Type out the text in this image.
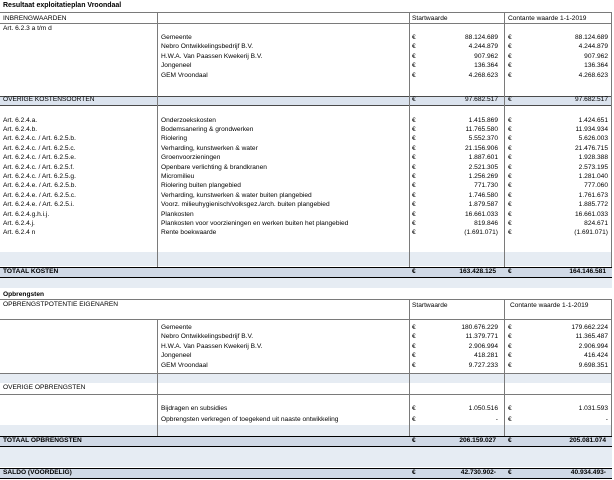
Resultaat exploitatieplan Vroondaal
INBRENGWAARDEN	Startwaarde	Contante waarde 1-1-2019
Art. 6.2.3 a t/m d
Gemeente	€	88.124.689 €	88.124.689
Nebro Ontwikkelingsbedrijf B.V.	€	4.244.879 €	4.244.879
H.W.A. Van Paassen Kwekerij B.V.	€	907.962 €	907.962
Jongeneel	€	136.364 €	136.364
GEM Vroondaal	€	4.268.623 €	4.268.623
OVERIGE KOSTENSOORTEN	€	97.682.517 €	97.682.517
Art. 6.2.4.a.	Onderzoekskosten	€	1.415.869 €	1.424.651
Art. 6.2.4.b.	Bodemsanering & grondwerken	€	11.765.580 €	11.934.934
Art. 6.2.4.c. / Art. 6.2.5.b.	Riolering	€	5.552.370 €	5.626.003
Art. 6.2.4.c. / Art. 6.2.5.c.	Verharding, kunstwerken & water	€	21.156.906 €	21.476.715
Art. 6.2.4.c. / Art. 6.2.5.e.	Groenvoorzieningen	€	1.887.601 €	1.928.388
Art. 6.2.4.c. / Art. 6.2.5.f.	Openbare verlichting & brandkranen	€	2.521.305 €	2.573.195
Art. 6.2.4.c. / Art. 6.2.5.g.	Micromilieu	€	1.256.269 €	1.281.040
Art. 6.2.4.e. / Art. 6.2.5.b.	Riolering buiten plangebied	€	771.730 €	777.060
Art. 6.2.4.e. / Art. 6.2.5.c.	Verharding, kunstwerken & water buiten plangebied	€	1.746.580 €	1.761.673
Art. 6.2.4.e. / Art. 6.2.5.i.	Voorz. milieuhygienisch/volksgez./arch. buiten plangebied	€	1.879.587 €	1.885.772
Art. 6.2.4.g.h.i.j.	Plankosten	€	16.661.033 €	16.661.033
Art. 6.2.4.j.	Plankosten voor voorzieningen en werken buiten het plangebied	€	819.846 €	824.671
Art. 6.2.4 n	Rente boekwaarde	€	(1.691.071) €	(1.691.071)
TOTAAL KOSTEN	€	163.428.125 €	164.146.581
Opbrengsten
OPBRENGSTPOTENTIE EIGENAREN	Startwaarde	Contante waarde 1-1-2019
Gemeente	€	180.676.229 €	179.662.224
Nebro Ontwikkelingsbedrijf B.V.	€	11.379.771 €	11.365.487
H.W.A. Van Paassen Kwekerij B.V.	€	2.906.994 €	2.906.994
Jongeneel	€	418.281 €	416.424
GEM Vroondaal	€	9.727.233 €	9.698.351
OVERIGE OPBRENGSTEN
Bijdragen en subsidies	€	1.050.516 €	1.031.593
Opbrengsten verkregen of toegekend uit naaste ontwikkeling	€	- €	-
TOTAAL OPBRENGSTEN	€	206.159.027 €	205.081.074
SALDO (VOORDELIG)	€	42.730.902- €	40.934.493-
